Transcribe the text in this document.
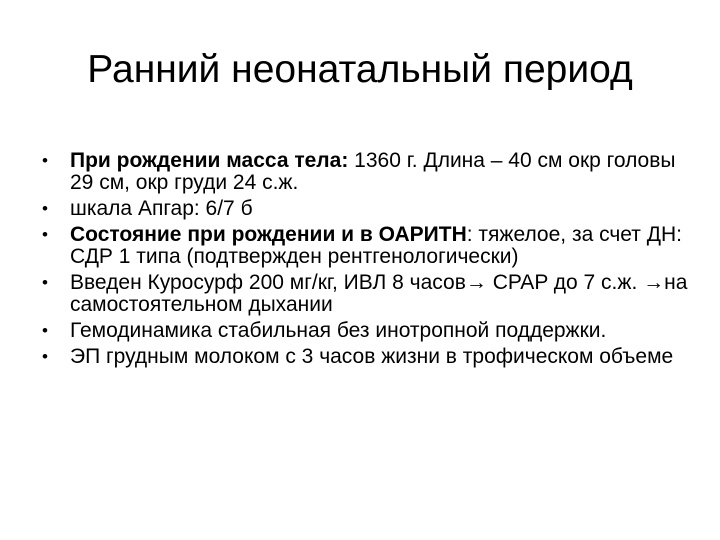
Ранний неонатальный период
• При рождении масса тела: 1360 г. Длина – 40 см окр головы 29 см, окр груди 24 с.ж.
• шкала Апгар: 6/7 б
• Состояние при рождении и в ОАРИТН: тяжелое, за счет ДН: СДР 1 типа (подтвержден рентгенологически)
• Введен Куросурф 200 мг/кг, ИВЛ 8 часов→ CPAP до 7 с.ж. →на самостоятельном дыхании
• Гемодинамика стабильная без инотропной поддержки.
• ЭП грудным молоком с 3 часов жизни в трофическом объеме
